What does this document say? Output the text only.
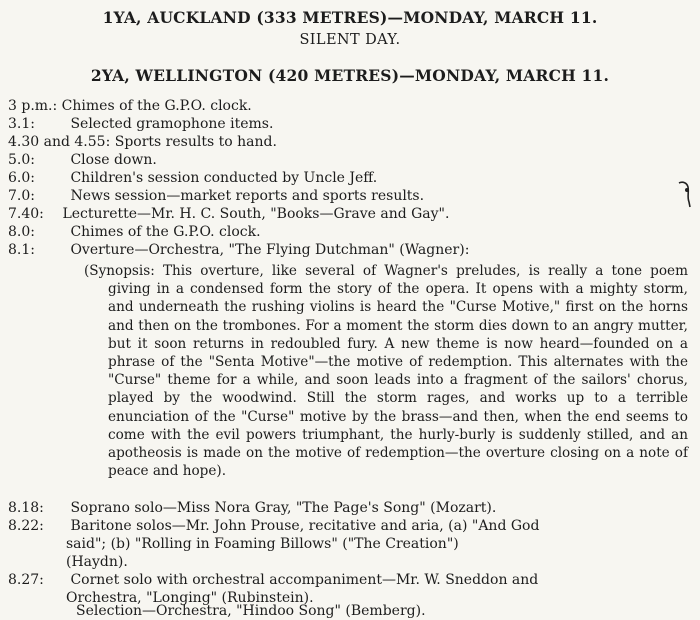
1YA, AUCKLAND (333 METRES)—MONDAY, MARCH 11.
SILENT DAY.
2YA, WELLINGTON (420 METRES)—MONDAY, MARCH 11.
3 p.m.: Chimes of the G.P.O. clock.
3.1:	Selected gramophone items.
4.30 and 4.55: Sports results to hand.
5.0:	Close down.
6.0:	Children's session conducted by Uncle Jeff.
7.0:	News session—market reports and sports results.
7.40: Lecturette—Mr. H. C. South, "Books—Grave and Gay".
8.0:	Chimes of the G.P.O. clock.
8.1:	Overture—Orchestra, "The Flying Dutchman" (Wagner):
(Synopsis: This overture, like several of Wagner's preludes, is really a tone poem giving in a condensed form the story of the opera. It opens with a mighty storm, and underneath the rushing violins is heard the "Curse Motive," first on the horns and then on the trombones. For a moment the storm dies down to an angry mutter, but it soon returns in redoubled fury. A new theme is now heard—founded on a phrase of the "Senta Motive"—the motive of redemption. This alternates with the "Curse" theme for a while, and soon leads into a fragment of the sailors' chorus, played by the woodwind. Still the storm rages, and works up to a terrible enunciation of the "Curse" motive by the brass—and then, when the end seems to come with the evil powers triumphant, the hurly-burly is suddenly stilled, and an apotheosis is made on the motive of redemption—the overture closing on a note of peace and hope).
8.18: Soprano solo—Miss Nora Gray, "The Page's Song" (Mozart).
8.22: Baritone solos—Mr. John Prouse, recitative and aria, (a) "And God
said"; (b) "Rolling in Foaming Billows" ("The Creation")
(Haydn).
8.27: Cornet solo with orchestral accompaniment—Mr. W. Sneddon and
Orchestra, "Longing" (Rubinstein).
Selection—Orchestra, "Hindoo Song" (Bemberg).
